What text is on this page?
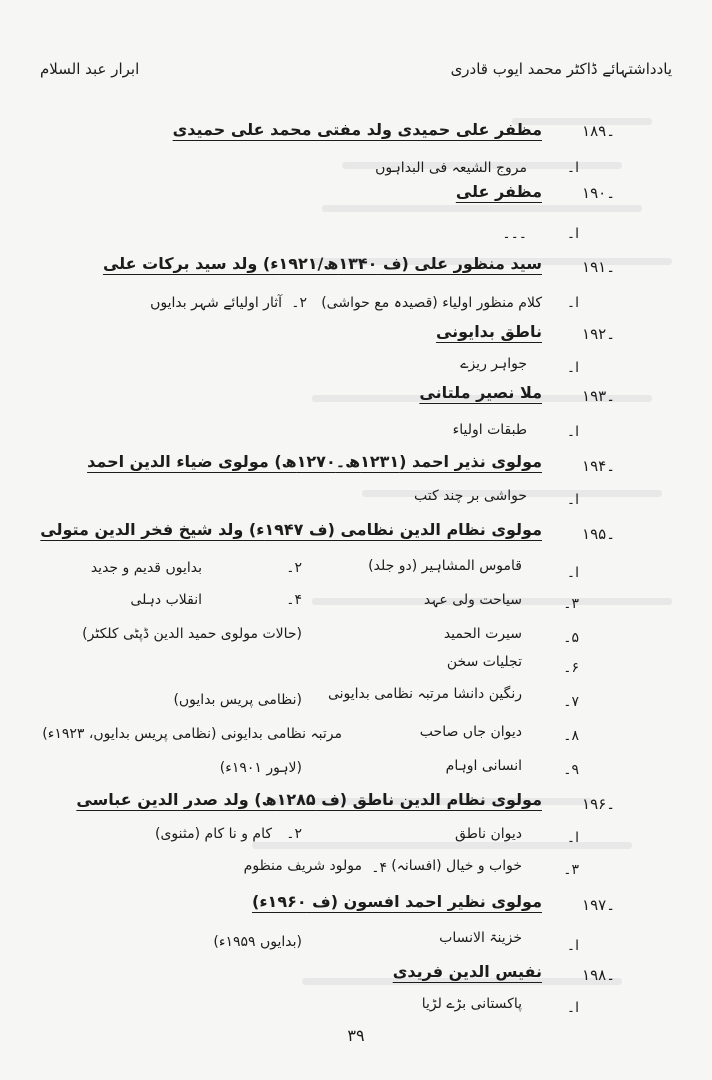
یادداشتہائے ڈاکٹر محمد ایوب قادری
ابرار عبد السلام
۱۸۹۔
مظفر علی حمیدی ولد مفتی محمد علی حمیدی
ا۔
مروج الشیعہ فی البداہوں
۱۹۰۔
مظفر علی
ا۔
۔۔۔
۱۹۱۔
سید منظور علی (ف ۱۳۴۰ھ/۱۹۲۱ء) ولد سید برکات علی
ا۔
کلام منظور اولیاء (قصیدہ مع حواشی)
۲۔
آثار اولیائے شہر بدایوں
۱۹۲۔
ناطق بدایونی
ا۔
جواہر ریزے
۱۹۳۔
ملا نصیر ملتانی
ا۔
طبقات اولیاء
۱۹۴۔
مولوی نذیر احمد (۱۲۳۱ھ۔۱۲۷۰ھ) مولوی ضیاء الدین احمد
ا۔
حواشی بر چند کتب
۱۹۵۔
مولوی نظام الدین نظامی (ف ۱۹۴۷ء) ولد شیخ فخر الدین متولی
ا۔
قاموس المشاہیر (دو جلد)
۲۔
بدایوں قدیم و جدید
۳۔
سیاحت ولی عہد
۴۔
انقلاب دہلی
۵۔
سیرت الحمید
(حالات مولوی حمید الدین ڈپٹی کلکٹر)
۶۔
تجلیات سخن
۷۔
رنگین دانشا مرتبہ نظامی بدایونی
(نظامی پریس بدایوں)
۸۔
دیوان جاں صاحب
مرتبہ نظامی بدایونی (نظامی پریس بدایوں، ۱۹۲۳ء)
۹۔
انسانی اوہام
(لاہور ۱۹۰۱ء)
۱۹۶۔
مولوی نظام الدین ناطق (ف ۱۲۸۵ھ) ولد صدر الدین عباسی
ا۔
دیوان ناطق
۲۔
کام و نا کام (مثنوی)
۳۔
خواب و خیال (افسانہ)
۴۔
مولود شریف منظوم
۱۹۷۔
مولوی نظیر احمد افسون (ف ۱۹۶۰ء)
ا۔
خزینۃ الانساب
(بدایوں ۱۹۵۹ء)
۱۹۸۔
نفیس الدین فریدی
ا۔
پاکستانی بڑے لڑیا
۳۹
